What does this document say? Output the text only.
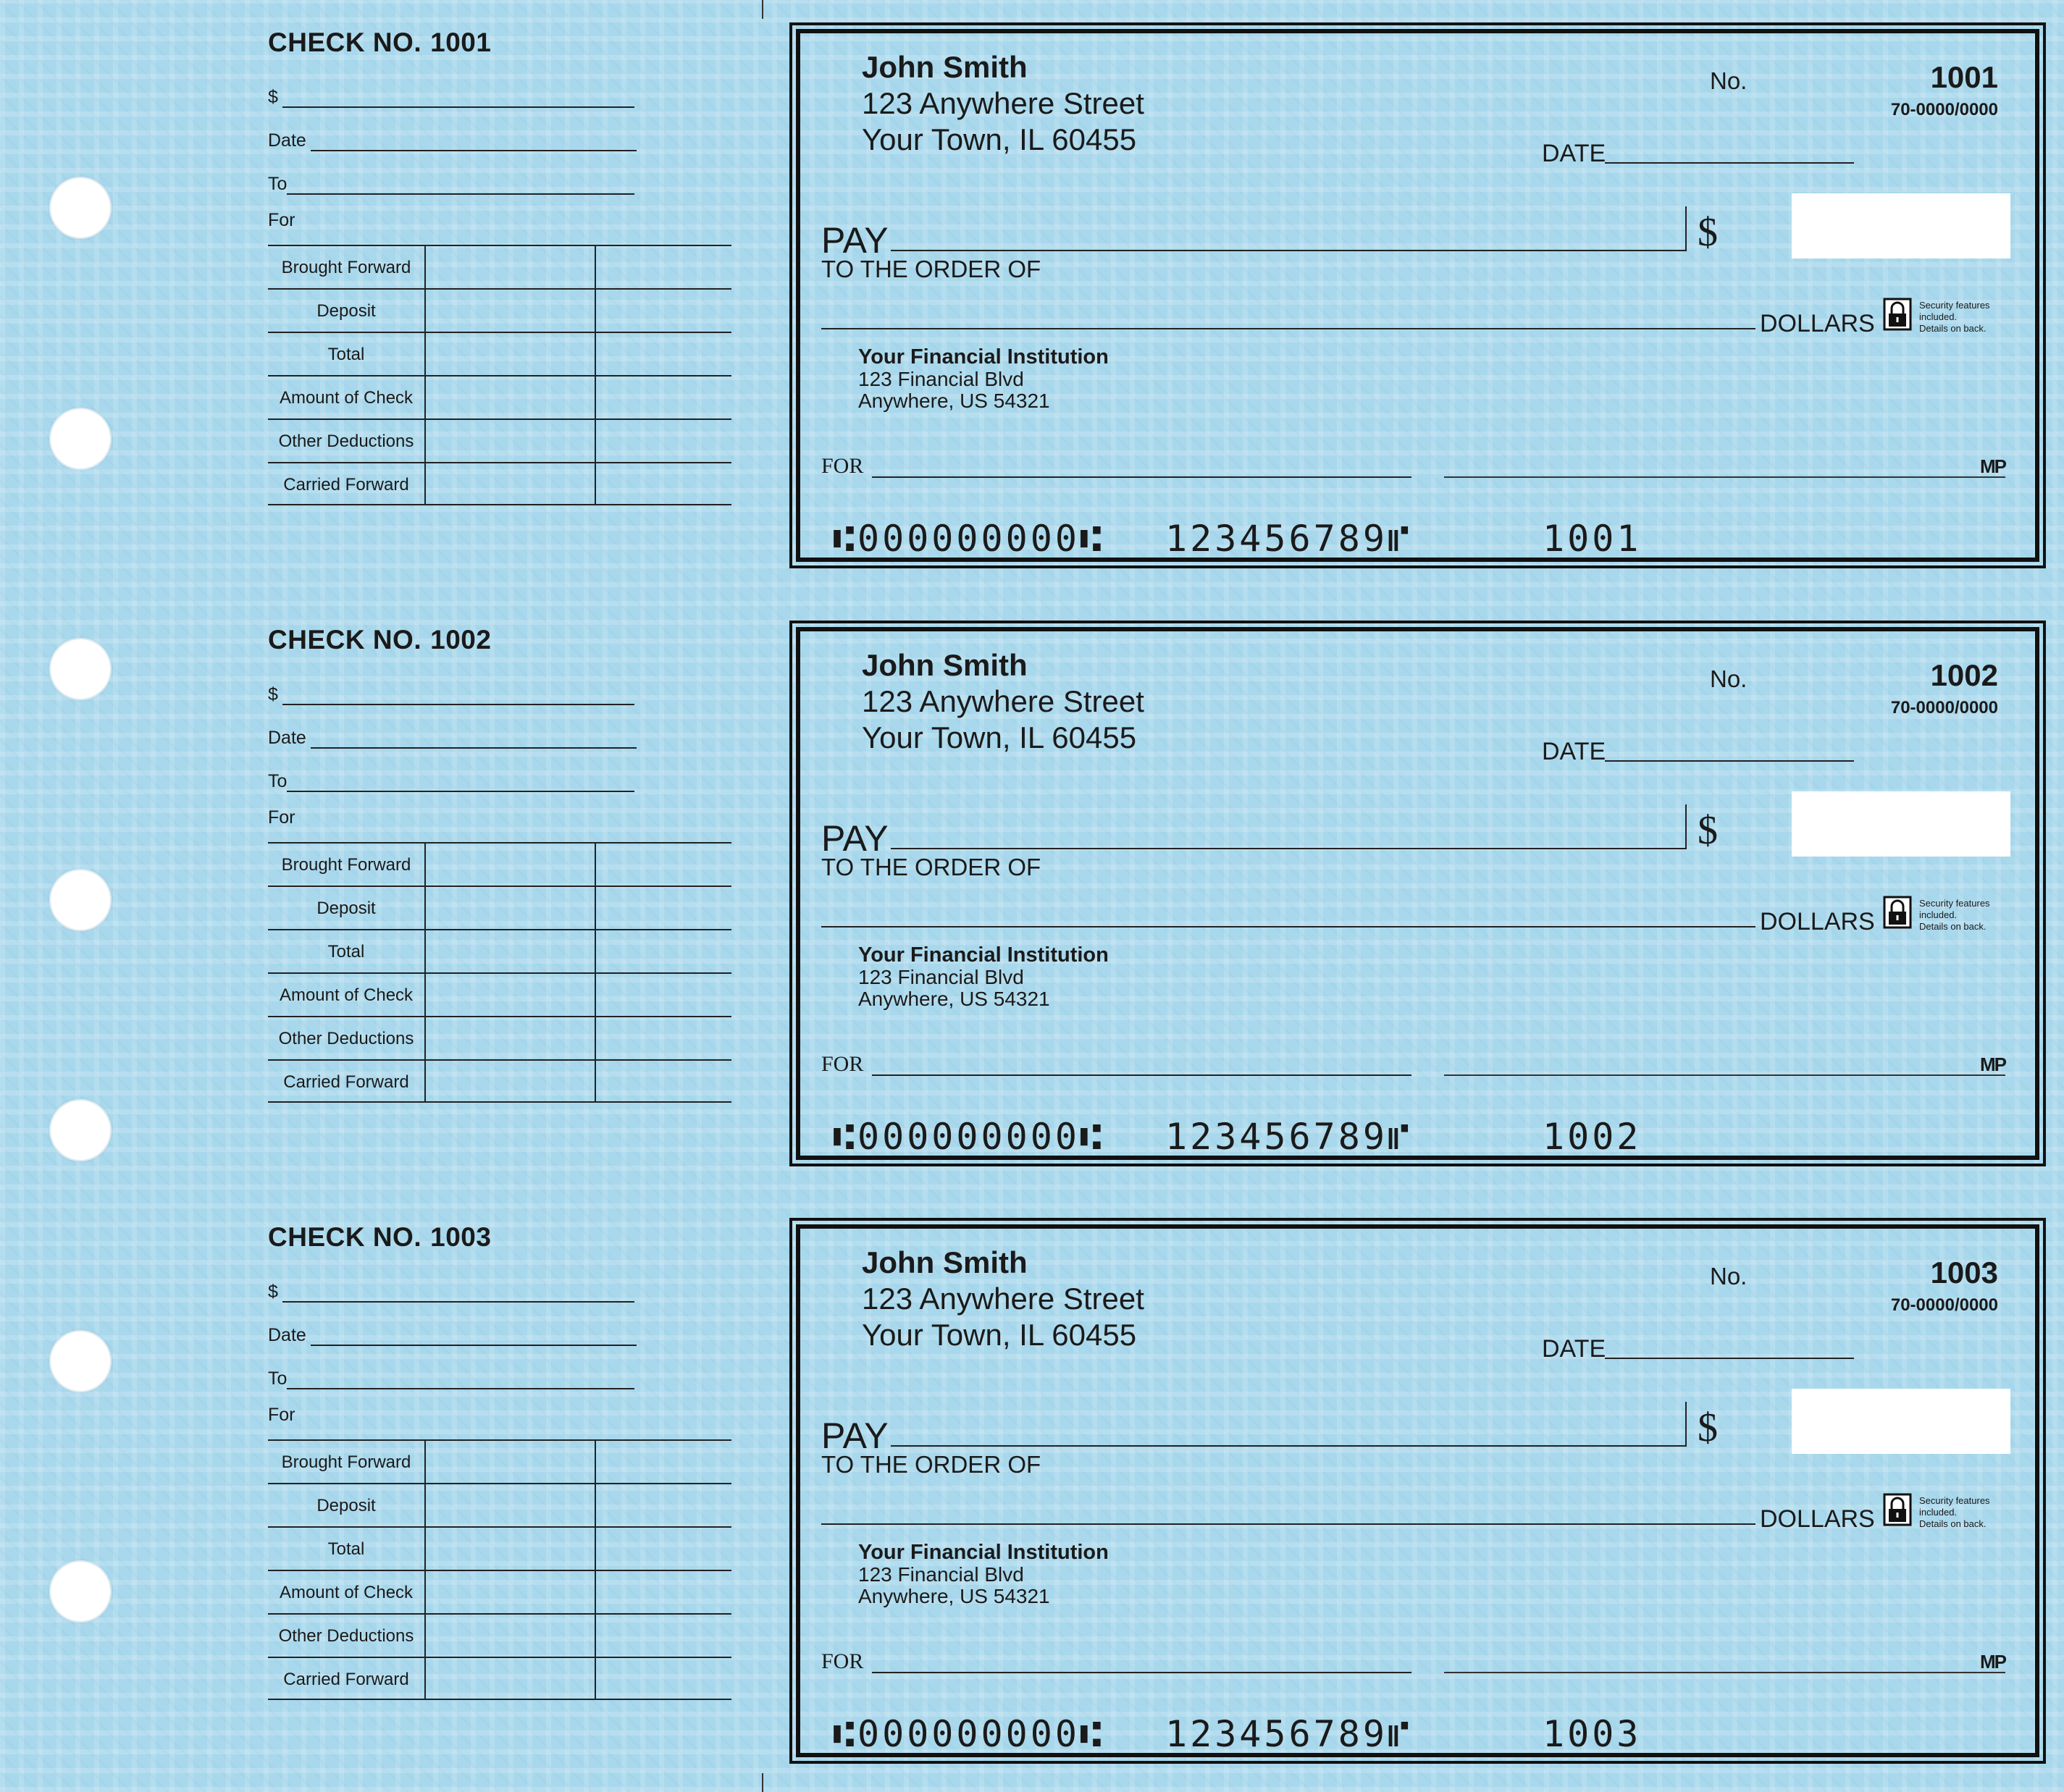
CHECK NO. 1001
$
Date
To
For
Brought Forward
Deposit
Total
Amount of Check
Other Deductions
Carried Forward
John Smith
123 Anywhere Street
Your Town, IL 60455
No.	1001
70-0000/0000
DATE
PAY
TO THE ORDER OF
$
DOLLARS
Security features
included.
Details on back.
Your Financial Institution
123 Financial Blvd
Anywhere, US 54321
FOR	MP
⑆000000000⑆ 123456789⑈	1001
CHECK NO. 1002
$
Date
To
For
Brought Forward
Deposit
Total
Amount of Check
Other Deductions
Carried Forward
John Smith
123 Anywhere Street
Your Town, IL 60455
No.	1002
70-0000/0000
DATE
PAY
TO THE ORDER OF
$
DOLLARS
Security features
included.
Details on back.
Your Financial Institution
123 Financial Blvd
Anywhere, US 54321
FOR	MP
⑆000000000⑆ 123456789⑈	1002
CHECK NO. 1003
$
Date
To
For
Brought Forward
Deposit
Total
Amount of Check
Other Deductions
Carried Forward
John Smith
123 Anywhere Street
Your Town, IL 60455
No.	1003
70-0000/0000
DATE
PAY
TO THE ORDER OF
$
DOLLARS
Security features
included.
Details on back.
Your Financial Institution
123 Financial Blvd
Anywhere, US 54321
FOR	MP
⑆000000000⑆ 123456789⑈	1003
